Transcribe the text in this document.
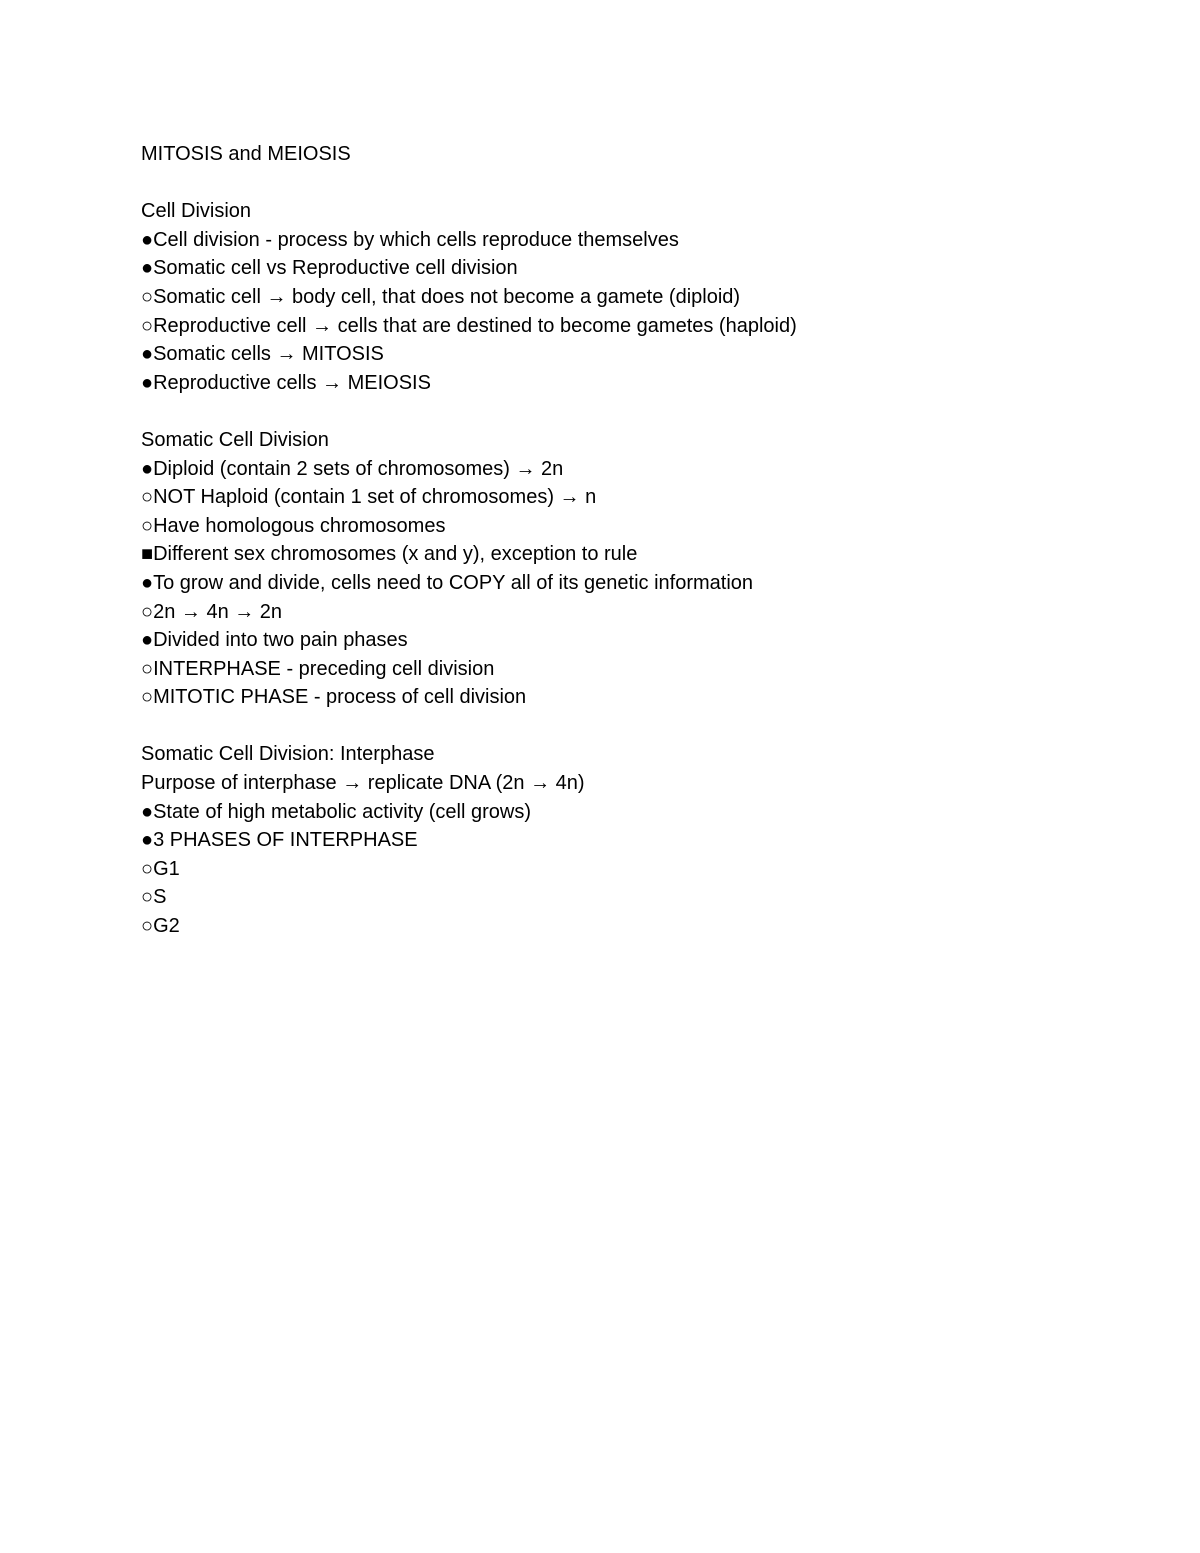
MITOSIS and MEIOSIS

Cell Division

●Cell division - process by which cells reproduce themselves

●Somatic cell vs Reproductive cell division

○Somatic cell → body cell, that does not become a gamete (diploid)

○Reproductive cell → cells that are destined to become gametes (haploid)

●Somatic cells → MITOSIS

●Reproductive cells → MEIOSIS

Somatic Cell Division

●Diploid (contain 2 sets of chromosomes) → 2n

○NOT Haploid (contain 1 set of chromosomes) → n

○Have homologous chromosomes

■Different sex chromosomes (x and y), exception to rule

●To grow and divide, cells need to COPY all of its genetic information

○2n → 4n → 2n

●Divided into two pain phases

○INTERPHASE - preceding cell division

○MITOTIC PHASE - process of cell division

Somatic Cell Division: Interphase

Purpose of interphase → replicate DNA (2n → 4n)

●State of high metabolic activity (cell grows)

●3 PHASES OF INTERPHASE

○G1

○S

○G2
